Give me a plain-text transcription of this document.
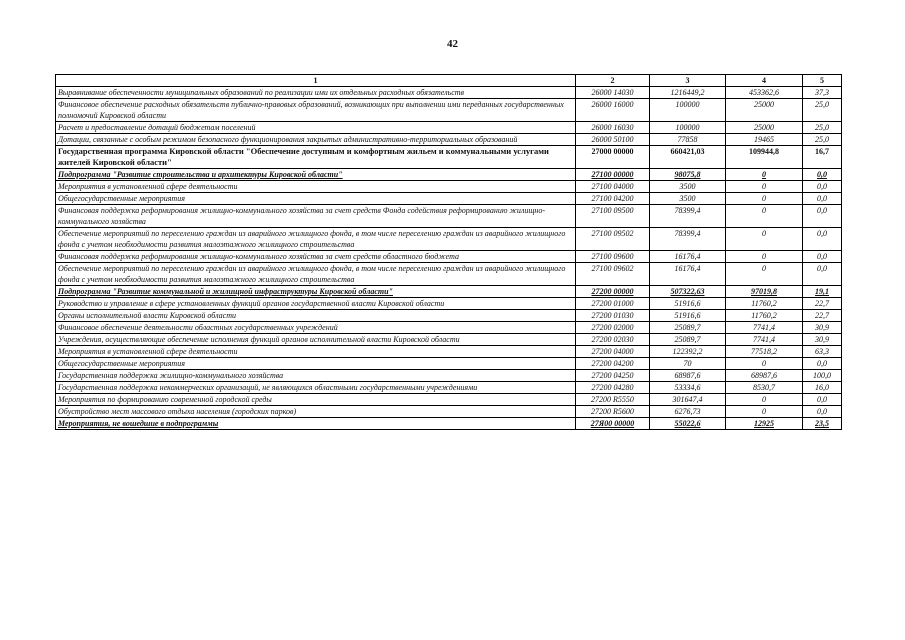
42
1	2	3	4	5
Выравнивание обеспеченности муниципальных образований по реализации ими их отдельных расходных обязательств	26000 14030	1216449,2	453362,6	37,3
Финансовое обеспечение расходных обязательств публично-правовых образований, возникающих при выполнении ими переданных государственных полномочий Кировской области	26000 16000	100000	25000	25,0
Расчет и предоставление дотаций бюджетам поселений	26000 16030	100000	25000	25,0
Дотации, связанные с особым режимом безопасного функционирования закрытых административно-территориальных образований	26000 50100	77858	19465	25,0
Государственная программа Кировской области "Обеспечение доступным и комфортным жильем и коммунальными услугами жителей Кировской области"	27000 00000	660421,03	109944,8	16,7
Подпрограмма "Развитие строительства и архитектуры Кировской области"	27100 00000	98075,8	0	0,0
Мероприятия в установленной сфере деятельности	27100 04000	3500	0	0,0
Общегосударственные мероприятия	27100 04200	3500	0	0,0
Финансовая поддержка реформирования жилищно-коммунального хозяйства за счет средств Фонда содействия реформированию жилищно-коммунального хозяйства	27100 09500	78399,4	0	0,0
Обеспечение мероприятий по переселению граждан из аварийного жилищного фонда, в том числе переселению граждан из аварийного жилищного фонда с учетом необходимости развития малоэтажного жилищного строительства	27100 09502	78399,4	0	0,0
Финансовая поддержка реформирования жилищно-коммунального хозяйства за счет средств областного бюджета	27100 09600	16176,4	0	0,0
Обеспечение мероприятий по переселению граждан из аварийного жилищного фонда, в том числе переселению граждан из аварийного жилищного фонда с учетом необходимости развития малоэтажного жилищного строительства	27100 09602	16176,4	0	0,0
Подпрограмма "Развитие коммунальной и жилищной инфраструктуры Кировской области"	27200 00000	507322,63	97019,8	19,1
Руководство и управление в сфере установленных функций органов государственной власти Кировской области	27200 01000	51916,6	11760,2	22,7
Органы исполнительной власти Кировской области	27200 01030	51916,6	11760,2	22,7
Финансовое обеспечение деятельности областных государственных учреждений	27200 02000	25089,7	7741,4	30,9
Учреждения, осуществляющие обеспечение исполнения функций органов исполнительной власти Кировской области	27200 02030	25089,7	7741,4	30,9
Мероприятия в установленной сфере деятельности	27200 04000	122392,2	77518,2	63,3
Общегосударственные мероприятия	27200 04200	70	0	0,0
Государственная поддержка жилищно-коммунального хозяйства	27200 04250	68987,6	68987,6	100,0
Государственная поддержка некоммерческих организаций, не являющихся областными государственными учреждениями	27200 04280	53334,6	8530,7	16,0
Мероприятия по формированию современной городской среды	27200 R5550	301647,4	0	0,0
Обустройство мест массового отдыха населения (городских парков)	27200 R5600	6276,73	0	0,0
Мероприятия, не вошедшие в подпрограммы	27Я00 00000	55022,6	12925	23,5
